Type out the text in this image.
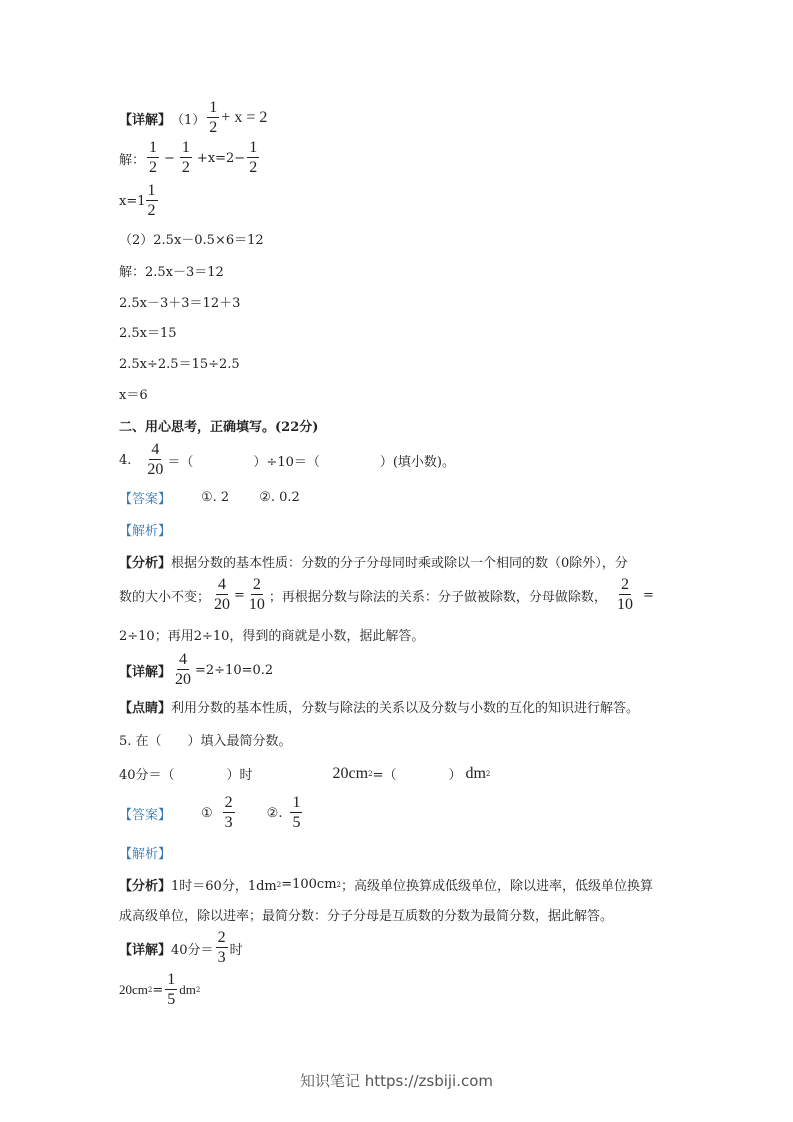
【详解】 $(1) \frac{1}{2} + x = 2$
解： $\frac{1}{2} - \frac{1}{2} +x=2- \frac{1}{2}$
$x=1 \frac{1}{2}$
（2）2.5x－0.5×6＝12
解：2.5x－3＝12
2.5x－3＋3＝12＋3
2.5x＝15
2.5x÷2.5＝15÷2.5
x＝6
二、用心思考，正确填写。(22分)
4. $\frac{4}{20}$ ＝（	）÷10＝（	）(填小数)。
【答案】 ①. 2 ②. 0.2
【解析】
【分析】 根据分数的基本性质：分数的分子分母同时乘或除以一个相同的数（0除外），分
数的大小不变； $\frac{4}{20} = \frac{2}{10}$ ；再根据分数与除法的关系：分子做被除数，分母做除数， $\frac{2}{10}$ =
2÷10；再用2÷10，得到的商就是小数，据此解答。
【详解】 $\frac{4}{20} =2\div 10=0.2$
【点睛】 利用分数的基本性质，分数与除法的关系以及分数与小数的互化的知识进行解答。
5. 在（　　）填入最简分数。
40分＝（　　　　）时	20cm 2 =（　　　　） dm 2
【答案】 ① $\frac{2}{3}$ ②. $\frac{1}{5}$
【解析】
【分析】 1时＝60分，1dm 2 =100cm 2 ；高级单位换算成低级单位，除以进率，低级单位换算
成高级单位，除以进率；最简分数：分子分母是互质数的分数为最简分数，据此解答。
【详解】 40分＝ $\frac{2}{3}$ 时
20cm $2 = \frac{1}{5}$ dm 2
知识笔记 https://zsbiji.com
